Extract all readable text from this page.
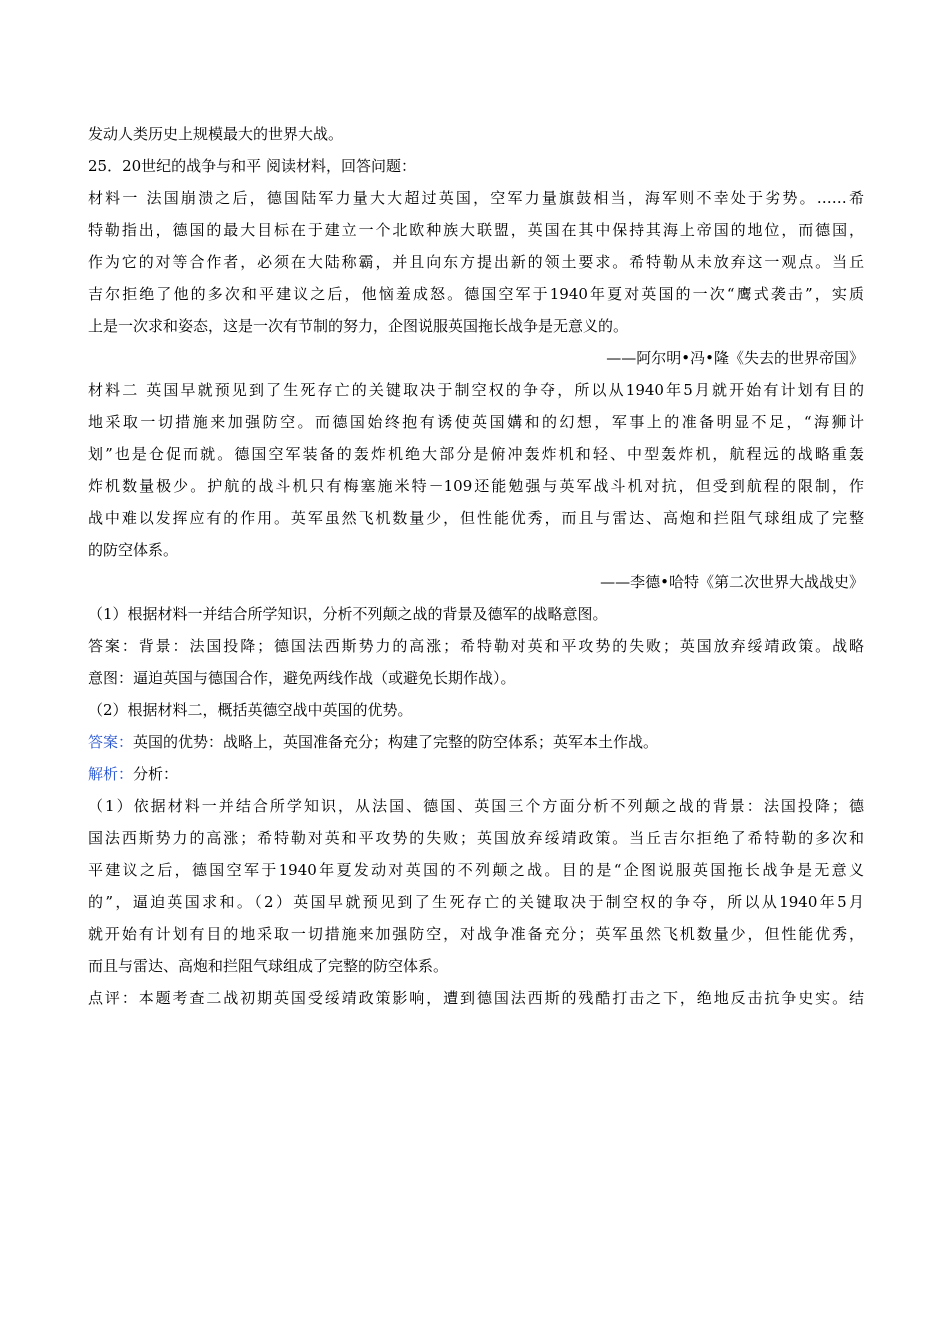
发动人类历史上规模最大的世界大战。
25．20世纪的战争与和平 阅读材料，回答问题：
材料一 法国崩溃之后，德国陆军力量大大超过英国，空军力量旗鼓相当，海军则不幸处于劣势。……希
特勒指出，德国的最大目标在于建立一个北欧种族大联盟，英国在其中保持其海上帝国的地位，而德国，
作为它的对等合作者，必须在大陆称霸，并且向东方提出新的领土要求。希特勒从未放弃这一观点。当丘
吉尔拒绝了他的多次和平建议之后，他恼羞成怒。德国空军于1940年夏对英国的一次“鹰式袭击”，实质
上是一次求和姿态，这是一次有节制的努力，企图说服英国拖长战争是无意义的。
——阿尔明•冯•隆《失去的世界帝国》
材料二 英国早就预见到了生死存亡的关键取决于制空权的争夺，所以从1940年5月就开始有计划有目的
地采取一切措施来加强防空。而德国始终抱有诱使英国媾和的幻想，军事上的准备明显不足，“海狮计
划”也是仓促而就。德国空军装备的轰炸机绝大部分是俯冲轰炸机和轻、中型轰炸机，航程远的战略重轰
炸机数量极少。护航的战斗机只有梅塞施米特－109还能勉强与英军战斗机对抗，但受到航程的限制，作
战中难以发挥应有的作用。英军虽然飞机数量少，但性能优秀，而且与雷达、高炮和拦阻气球组成了完整
的防空体系。
——李德•哈特《第二次世界大战战史》
（1）根据材料一并结合所学知识，分析不列颠之战的背景及德军的战略意图。
答案：背景：法国投降；德国法西斯势力的高涨；希特勒对英和平攻势的失败；英国放弃绥靖政策。战略
意图：逼迫英国与德国合作，避免两线作战（或避免长期作战）。
（2）根据材料二，概括英德空战中英国的优势。
答案：英国的优势：战略上，英国准备充分；构建了完整的防空体系；英军本土作战。
解析：分析：
（1）依据材料一并结合所学知识，从法国、德国、英国三个方面分析不列颠之战的背景：法国投降；德
国法西斯势力的高涨；希特勒对英和平攻势的失败；英国放弃绥靖政策。当丘吉尔拒绝了希特勒的多次和
平建议之后，德国空军于1940年夏发动对英国的不列颠之战。目的是“企图说服英国拖长战争是无意义
的”，逼迫英国求和。（2）英国早就预见到了生死存亡的关键取决于制空权的争夺，所以从1940年5月
就开始有计划有目的地采取一切措施来加强防空，对战争准备充分；英军虽然飞机数量少，但性能优秀，
而且与雷达、高炮和拦阻气球组成了完整的防空体系。
点评：本题考查二战初期英国受绥靖政策影响，遭到德国法西斯的残酷打击之下，绝地反击抗争史实。结
